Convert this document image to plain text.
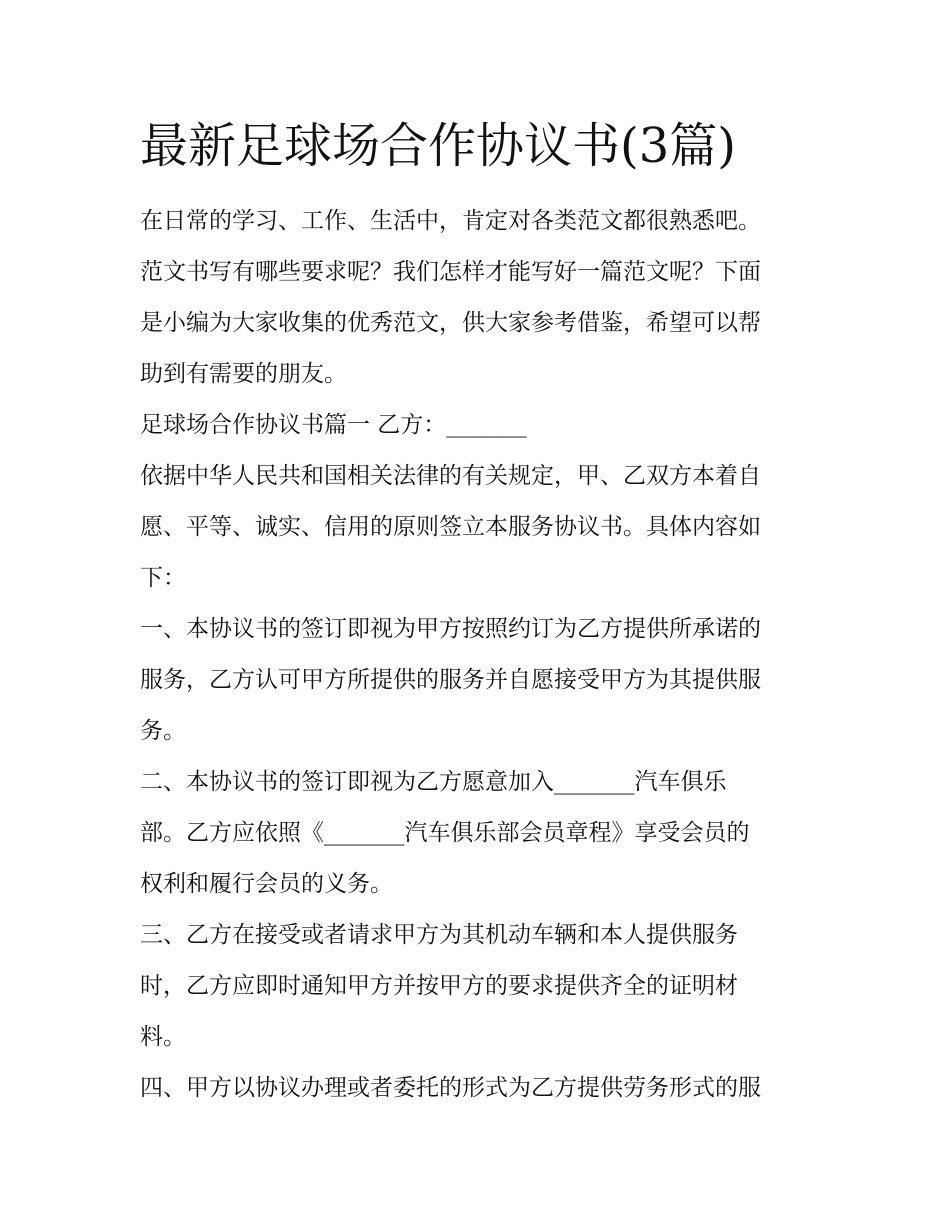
最新足球场合作协议书(3篇)
在日常的学习、工作、生活中，肯定对各类范文都很熟悉吧。
范文书写有哪些要求呢？我们怎样才能写好一篇范文呢？下面
是小编为大家收集的优秀范文，供大家参考借鉴，希望可以帮
助到有需要的朋友。
足球场合作协议书篇一 乙方：_______
依据中华人民共和国相关法律的有关规定，甲、乙双方本着自
愿、平等、诚实、信用的原则签立本服务协议书。具体内容如
下：
一、本协议书的签订即视为甲方按照约订为乙方提供所承诺的
服务，乙方认可甲方所提供的服务并自愿接受甲方为其提供服
务。
二、本协议书的签订即视为乙方愿意加入_______汽车俱乐
部。乙方应依照《_______汽车俱乐部会员章程》享受会员的
权利和履行会员的义务。
三、乙方在接受或者请求甲方为其机动车辆和本人提供服务
时，乙方应即时通知甲方并按甲方的要求提供齐全的证明材
料。
四、甲方以协议办理或者委托的形式为乙方提供劳务形式的服
